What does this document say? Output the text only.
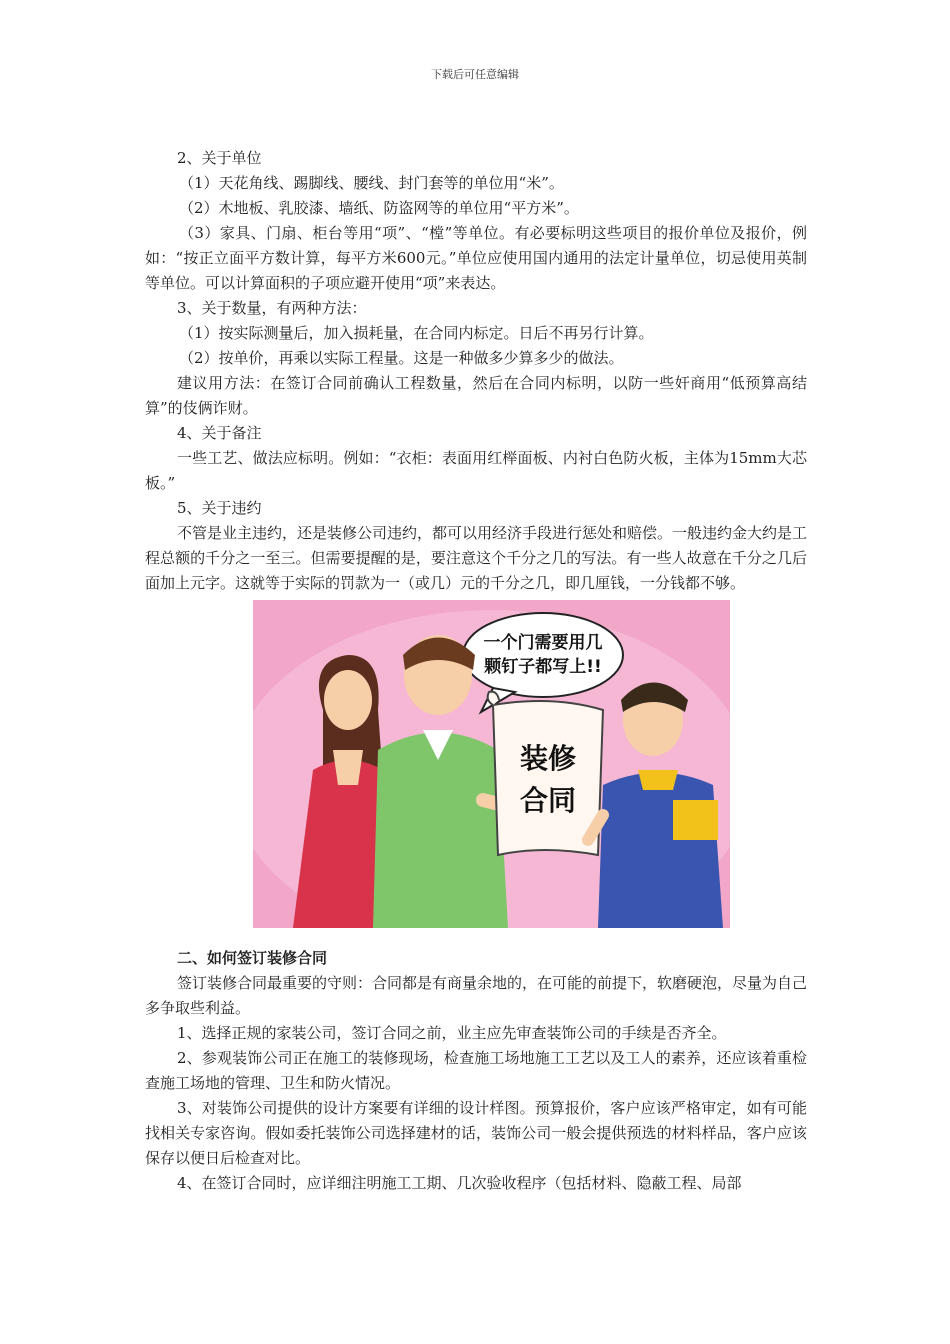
下载后可任意编辑

2、关于单位

（1）天花角线、踢脚线、腰线、封门套等的单位用“米”。

（2）木地板、乳胶漆、墙纸、防盗网等的单位用“平方米”。

（3）家具、门扇、柜台等用“项”、“樘”等单位。有必要标明这些项目的报价单位及报价，例如：“按正立面平方数计算，每平方米600元。”单位应使用国内通用的法定计量单位，切忌使用英制等单位。可以计算面积的子项应避开使用“项”来表达。

3、关于数量，有两种方法：

（1）按实际测量后，加入损耗量，在合同内标定。日后不再另行计算。

（2）按单价，再乘以实际工程量。这是一种做多少算多少的做法。

建议用方法：在签订合同前确认工程数量，然后在合同内标明，以防一些奸商用“低预算高结算”的伎俩诈财。

4、关于备注

一些工艺、做法应标明。例如：“衣柜：表面用红榉面板、内衬白色防火板，主体为15mm大芯板。”

5、关于违约

不管是业主违约，还是装修公司违约，都可以用经济手段进行惩处和赔偿。一般违约金大约是工程总额的千分之一至三。但需要提醒的是，要注意这个千分之几的写法。有一些人故意在千分之几后面加上元字。这就等于实际的罚款为一（或几）元的千分之几，即几厘钱，一分钱都不够。

一个门需要用几
颗钉子都写上!!
装修
合同
二、如何签订装修合同

签订装修合同最重要的守则：合同都是有商量余地的，在可能的前提下，软磨硬泡，尽量为自己多争取些利益。

1、选择正规的家装公司，签订合同之前，业主应先审查装饰公司的手续是否齐全。

2、参观装饰公司正在施工的装修现场，检查施工场地施工工艺以及工人的素养，还应该着重检查施工场地的管理、卫生和防火情况。

3、对装饰公司提供的设计方案要有详细的设计样图。预算报价，客户应该严格审定，如有可能找相关专家咨询。假如委托装饰公司选择建材的话，装饰公司一般会提供预选的材料样品，客户应该保存以便日后检查对比。

4、在签订合同时，应详细注明施工工期、几次验收程序（包括材料、隐蔽工程、局部
